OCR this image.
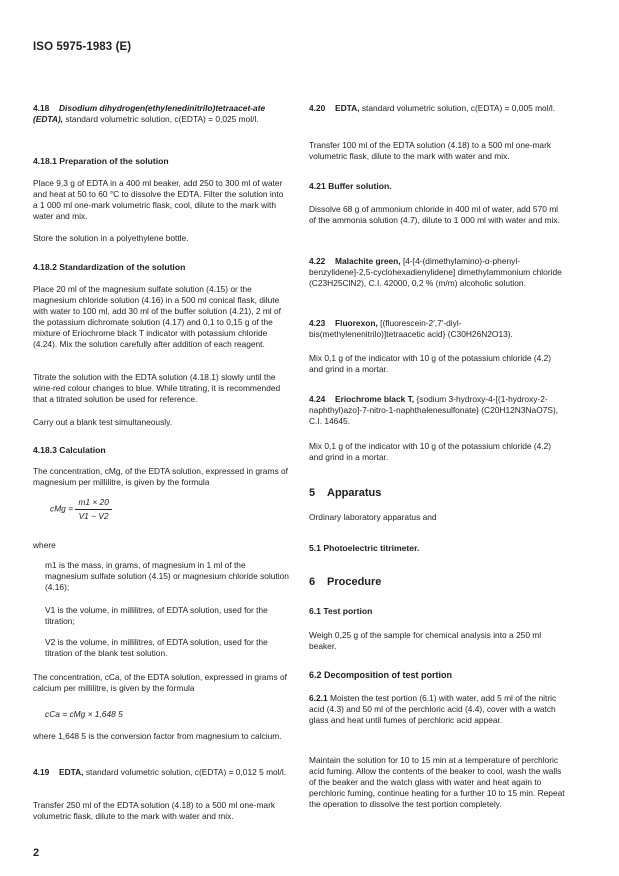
ISO 5975-1983 (E)
4.18 Disodium dihydrogen(ethylenedinitrilo)tetraacet-ate (EDTA), standard volumetric solution, c(EDTA) = 0,025 mol/l.
4.18.1 Preparation of the solution
Place 9,3 g of EDTA in a 400 ml beaker, add 250 to 300 ml of water and heat at 50 to 60 °C to dissolve the EDTA. Filter the solution into a 1 000 ml one-mark volumetric flask, cool, dilute to the mark with water and mix.
Store the solution in a polyethylene bottle.
4.18.2 Standardization of the solution
Place 20 ml of the magnesium sulfate solution (4.15) or the magnesium chloride solution (4.16) in a 500 ml conical flask, dilute with water to 100 ml, add 30 ml of the buffer solution (4.21), 2 ml of the potassium dichromate solution (4.17) and 0,1 to 0,15 g of the mixture of Eriochrome black T indicator with potassium chloride (4.24). Mix the solution carefully after addition of each reagent.
Titrate the solution with the EDTA solution (4.18.1) slowly until the wine-red colour changes to blue. While titrating, it is recommended that a titrated solution be used for reference.
Carry out a blank test simultaneously.
4.18.3 Calculation
The concentration, cMg, of the EDTA solution, expressed in grams of magnesium per millilitre, is given by the formula
cMg = $\frac{m1 \times 20}{V1 - V2}$
where
m1 is the mass, in grams, of magnesium in 1 ml of the magnesium sulfate solution (4.15) or magnesium chloride solution (4.16);
V1 is the volume, in millilitres, of EDTA solution, used for the titration;
V2 is the volume, in millilitres, of EDTA solution, used for the titration of the blank test solution.
The concentration, cCa, of the EDTA solution, expressed in grams of calcium per millilitre, is given by the formula
cCa = cMg × 1,648 5
where 1,648 5 is the conversion factor from magnesium to calcium.
4.19 EDTA, standard volumetric solution, c(EDTA) = 0,012 5 mol/l.
Transfer 250 ml of the EDTA solution (4.18) to a 500 ml one-mark volumetric flask, dilute to the mark with water and mix.
4.20 EDTA, standard volumetric solution, c(EDTA) = 0,005 mol/l.
Transfer 100 ml of the EDTA solution (4.18) to a 500 ml one-mark volumetric flask, dilute to the mark with water and mix.
4.21 Buffer solution.
Dissolve 68 g of ammonium chloride in 400 ml of water, add 570 ml of the ammonia solution (4.7), dilute to 1 000 ml with water and mix.
4.22 Malachite green, [4-[4-(dimethylamino)-α-phenyl-benzylidene]-2,5-cyclohexadienylidene] dimethylammonium chloride (C23H25ClN2), C.I. 42000, 0,2 % (m/m) alcoholic solution.
4.23 Fluorexon, [(fluorescein-2′,7′-diyl-bis(methylenenitrilo)]tetraacetic acid} (C30H26N2O13).
Mix 0,1 g of the indicator with 10 g of the potassium chloride (4.2) and grind in a mortar.
4.24 Eriochrome black T, {sodium 3-hydroxy-4-[(1-hydroxy-2-naphthyl)azo]-7-nitro-1-naphthalenesulfonate} (C20H12N3NaO7S), C.I. 14645.
Mix 0,1 g of the indicator with 10 g of the potassium chloride (4.2) and grind in a mortar.
5 Apparatus
Ordinary laboratory apparatus and
5.1 Photoelectric titrimeter.
6 Procedure
6.1 Test portion
Weigh 0,25 g of the sample for chemical analysis into a 250 ml beaker.
6.2 Decomposition of test portion
6.2.1 Moisten the test portion (6.1) with water, add 5 ml of the nitric acid (4.3) and 50 ml of the perchloric acid (4.4), cover with a watch glass and heat until fumes of perchloric acid appear.
Maintain the solution for 10 to 15 min at a temperature of perchloric acid fuming. Allow the contents of the beaker to cool, wash the walls of the beaker and the watch glass with water and heat again to perchloric fuming, continue heating for a further 10 to 15 min. Repeat the operation to dissolve the test portion completely.
2
